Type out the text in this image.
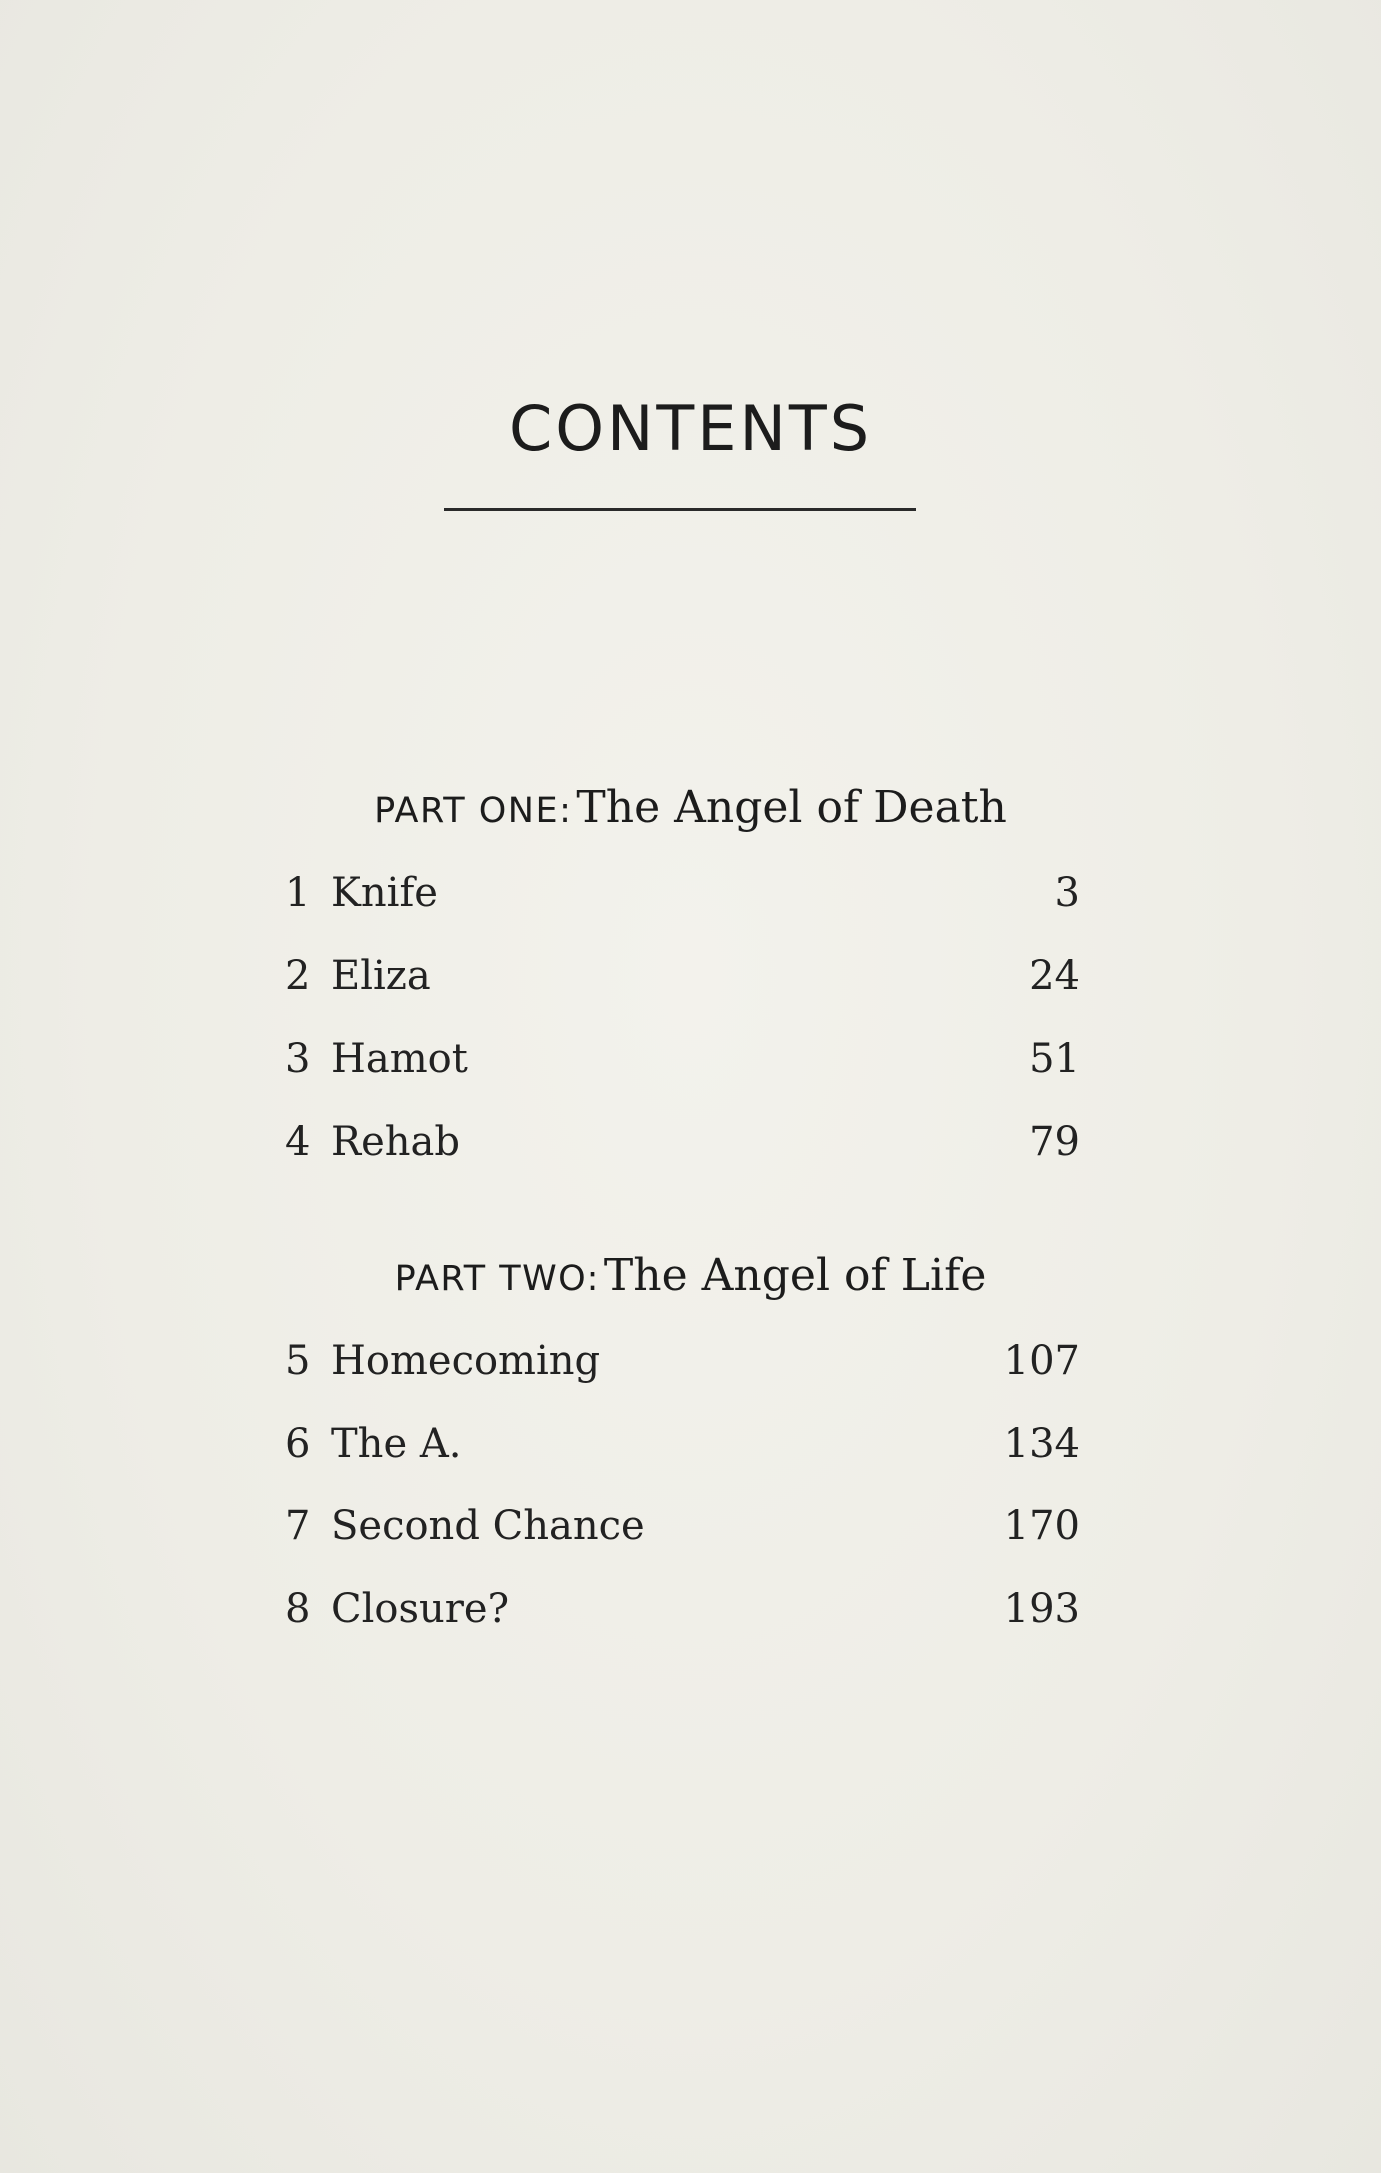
CONTENTS
PART ONE: The Angel of Death
1 Knife	3
2 Eliza	24
3 Hamot	51
4 Rehab	79
PART TWO: The Angel of Life
5 Homecoming	107
6 The A.	134
7 Second Chance	170
8 Closure?	193
